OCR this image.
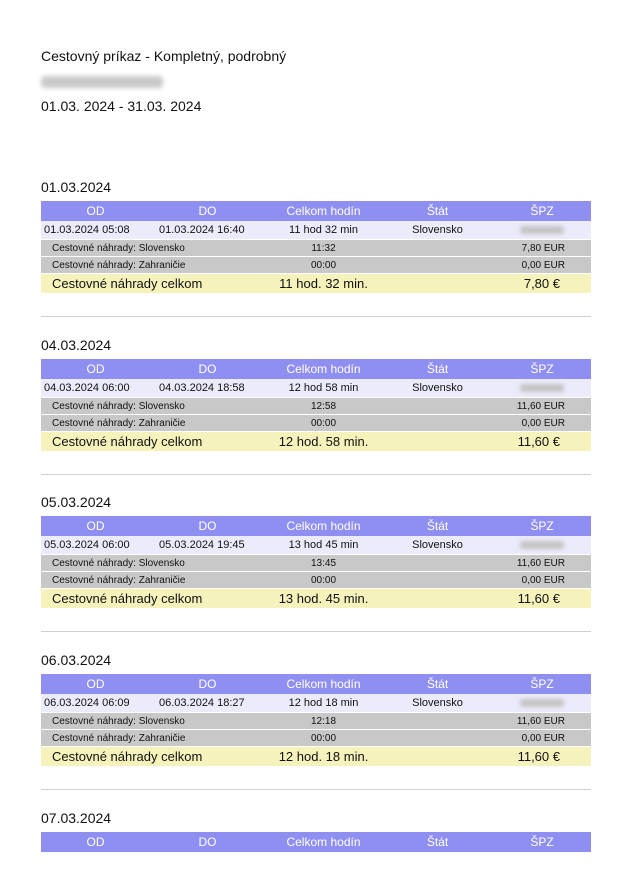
Cestovný príkaz - Kompletný, podrobný
01.03. 2024 - 31.03. 2024
01.03.2024
OD	DO	Celkom hodín	Štát	ŠPZ
01.03.2024 05:08	01.03.2024 16:40	11 hod 32 min	Slovensko	
Cestovné náhrady: Slovensko		11:32		7,80 EUR
Cestovné náhrady: Zahraničie		00:00		0,00 EUR
Cestovné náhrady celkom		11 hod. 32 min.		7,80 €
04.03.2024
OD	DO	Celkom hodín	Štát	ŠPZ
04.03.2024 06:00	04.03.2024 18:58	12 hod 58 min	Slovensko	
Cestovné náhrady: Slovensko		12:58		11,60 EUR
Cestovné náhrady: Zahraničie		00:00		0,00 EUR
Cestovné náhrady celkom		12 hod. 58 min.		11,60 €
05.03.2024
OD	DO	Celkom hodín	Štát	ŠPZ
05.03.2024 06:00	05.03.2024 19:45	13 hod 45 min	Slovensko	
Cestovné náhrady: Slovensko		13:45		11,60 EUR
Cestovné náhrady: Zahraničie		00:00		0,00 EUR
Cestovné náhrady celkom		13 hod. 45 min.		11,60 €
06.03.2024
OD	DO	Celkom hodín	Štát	ŠPZ
06.03.2024 06:09	06.03.2024 18:27	12 hod 18 min	Slovensko	
Cestovné náhrady: Slovensko		12:18		11,60 EUR
Cestovné náhrady: Zahraničie		00:00		0,00 EUR
Cestovné náhrady celkom		12 hod. 18 min.		11,60 €
07.03.2024
OD	DO	Celkom hodín	Štát	ŠPZ
